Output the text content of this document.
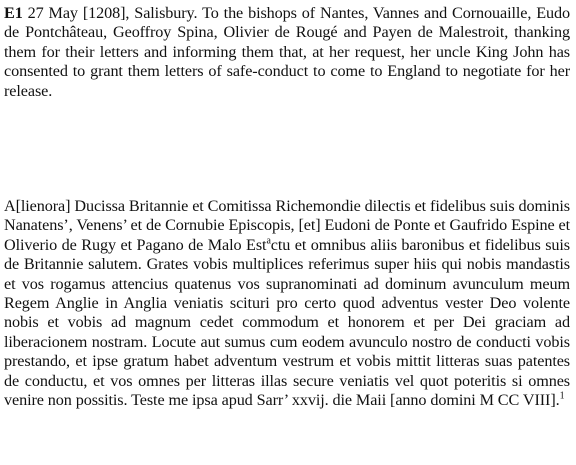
E1 27 May [1208], Salisbury. To the bishops of Nantes, Vannes and Cornouaille, Eudo de Pontchâteau, Geoffroy Spina, Olivier de Rougé and Payen de Malestroit, thanking them for their letters and informing them that, at her request, her uncle King John has consented to grant them letters of safe-conduct to come to England to negotiate for her release.

A[lienora] Ducissa Britannie et Comitissa Richemondie dilectis et fidelibus suis dominis Nanatens’, Venens’ et de Cornubie Episcopis, [et] Eudoni de Ponte et Gaufrido Espine et Oliverio de Rugy et Pagano de Malo Est$^a$ctu et omnibus aliis baronibus et fidelibus suis de Britannie salutem. Grates vobis multiplices referimus super hiis qui nobis mandastis et vos rogamus attencius quatenus vos supranominati ad dominum avunculum meum Regem Anglie in Anglia veniatis scituri pro certo quod adventus vester Deo volente nobis et vobis ad magnum cedet commodum et honorem et per Dei graciam ad liberacionem nostram. Locute aut sumus cum eodem avunculo nostro de conducti vobis prestando, et ipse gratum habet adventum vestrum et vobis mittit litteras suas patentes de conductu, et vos omnes per litteras illas secure veniatis vel quot poteritis si omnes venire non possitis. Teste me ipsa apud Sarr’ xxvij. die Maii [anno domini M CC VIII].$^1$
